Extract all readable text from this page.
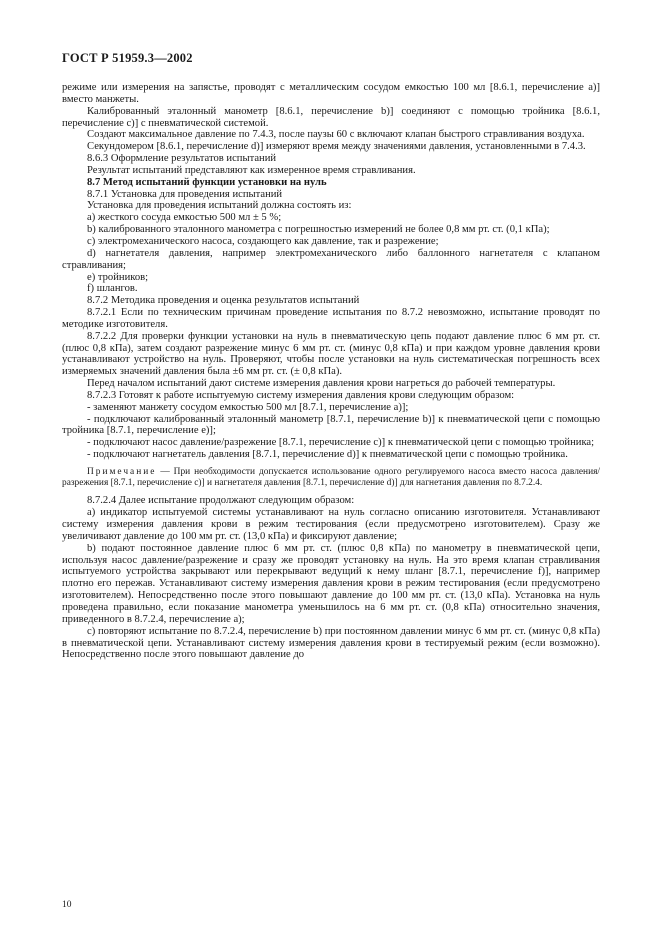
ГОСТ Р 51959.3—2002

режиме или измерения на запястье, проводят с металлическим сосудом емкостью 100 мл [8.6.1, перечисление а)] вместо манжеты.

Калиброванный эталонный манометр [8.6.1, перечисление b)] соединяют с помощью тройника [8.6.1, перечисление с)] с пневматической системой.

Создают максимальное давление по 7.4.3, после паузы 60 с включают клапан быстрого стравливания воздуха.

Секундомером [8.6.1, перечисление d)] измеряют время между значениями давления, установленными в 7.4.3.

8.6.3 Оформление результатов испытаний

Результат испытаний представляют как измеренное время стравливания.

8.7 Метод испытаний функции установки на нуль

8.7.1 Установка для проведения испытаний

Установка для проведения испытаний должна состоять из:

а) жесткого сосуда емкостью 500 мл ± 5 %;

b) калиброванного эталонного манометра с погрешностью измерений не более 0,8 мм рт. ст. (0,1 кПа);

с) электромеханического насоса, создающего как давление, так и разрежение;

d) нагнетателя давления, например электромеханического либо баллонного нагнетателя с клапаном стравливания;

е) тройников;

f) шлангов.

8.7.2 Методика проведения и оценка результатов испытаний

8.7.2.1 Если по техническим причинам проведение испытания по 8.7.2 невозможно, испытание проводят по методике изготовителя.

8.7.2.2 Для проверки функции установки на нуль в пневматическую цепь подают давление плюс 6 мм рт. ст. (плюс 0,8 кПа), затем создают разрежение минус 6 мм рт. ст. (минус 0,8 кПа) и при каждом уровне давления крови устанавливают устройство на нуль. Проверяют, чтобы после установки на нуль систематическая погрешность всех измеряемых значений давления была ±6 мм рт. ст. (± 0,8 кПа).

Перед началом испытаний дают системе измерения давления крови нагреться до рабочей температуры.

8.7.2.3 Готовят к работе испытуемую систему измерения давления крови следующим образом:

- заменяют манжету сосудом емкостью 500 мл [8.7.1, перечисление а)];

- подключают калиброванный эталонный манометр [8.7.1, перечисление b)] к пневматической цепи с помощью тройника [8.7.1, перечисление е)];

- подключают насос давление/разрежение [8.7.1, перечисление с)] к пневматической цепи с помощью тройника;

- подключают нагнетатель давления [8.7.1, перечисление d)] к пневматической цепи с помощью тройника.

Примечание — При необходимости допускается использование одного регулируемого насоса вместо насоса давления/разрежения [8.7.1, перечисление с)] и нагнетателя давления [8.7.1, перечисление d)] для нагнетания давления по 8.7.2.4.

8.7.2.4 Далее испытание продолжают следующим образом:

а) индикатор испытуемой системы устанавливают на нуль согласно описанию изготовителя. Устанавливают систему измерения давления крови в режим тестирования (если предусмотрено изготовителем). Сразу же увеличивают давление до 100 мм рт. ст. (13,0 кПа) и фиксируют давление;

b) подают постоянное давление плюс 6 мм рт. ст. (плюс 0,8 кПа) по манометру в пневматической цепи, используя насос давление/разрежение и сразу же проводят установку на нуль. На это время клапан стравливания испытуемого устройства закрывают или перекрывают ведущий к нему шланг [8.7.1, перечисление f)], например плотно его пережав. Устанавливают систему измерения давления крови в режим тестирования (если предусмотрено изготовителем). Непосредственно после этого повышают давление до 100 мм рт. ст. (13,0 кПа). Установка на нуль проведена правильно, если показание манометра уменьшилось на 6 мм рт. ст. (0,8 кПа) относительно значения, приведенного в 8.7.2.4, перечисление а);

с) повторяют испытание по 8.7.2.4, перечисление b) при постоянном давлении минус 6 мм рт. ст. (минус 0,8 кПа) в пневматической цепи. Устанавливают систему измерения давления крови в тестируемый режим (если возможно). Непосредственно после этого повышают давление до

10
